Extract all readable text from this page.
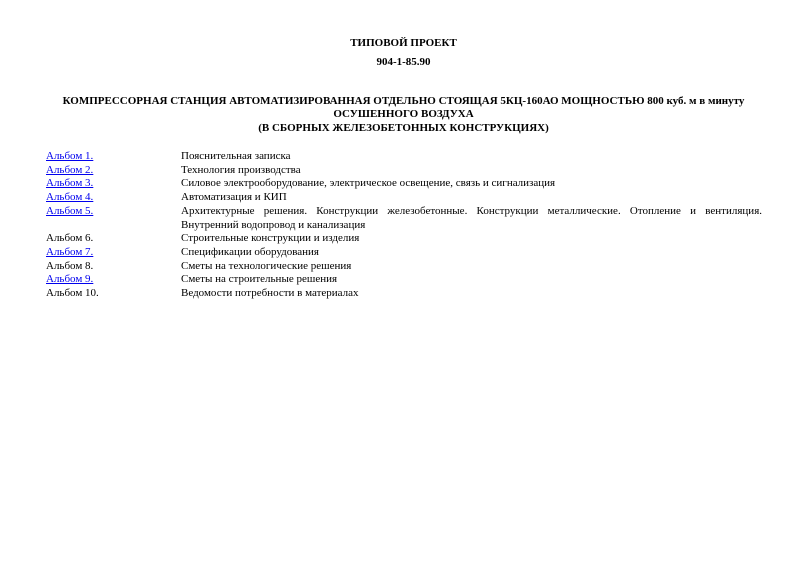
ТИПОВОЙ ПРОЕКТ
904-1-85.90
КОМПРЕССОРНАЯ СТАНЦИЯ АВТОМАТИЗИРОВАННАЯ ОТДЕЛЬНО СТОЯЩАЯ 5КЦ-160АО МОЩНОСТЬЮ 800 куб. м в минуту
ОСУШЕННОГО ВОЗДУХА
(В СБОРНЫХ ЖЕЛЕЗОБЕТОННЫХ КОНСТРУКЦИЯХ)
Альбом 1.	Пояснительная записка
Альбом 2.	Технология производства
Альбом 3.	Силовое электрооборудование, электрическое освещение, связь и сигнализация
Альбом 4.	Автоматизация и КИП
Альбом 5.	Архитектурные решения. Конструкции железобетонные. Конструкции металлические. Отопление и вентиляция. Внутренний водопровод и канализация
Альбом 6.	Строительные конструкции и изделия
Альбом 7.	Спецификации оборудования
Альбом 8.	Сметы на технологические решения
Альбом 9.	Сметы на строительные решения
Альбом 10.	Ведомости потребности в материалах
